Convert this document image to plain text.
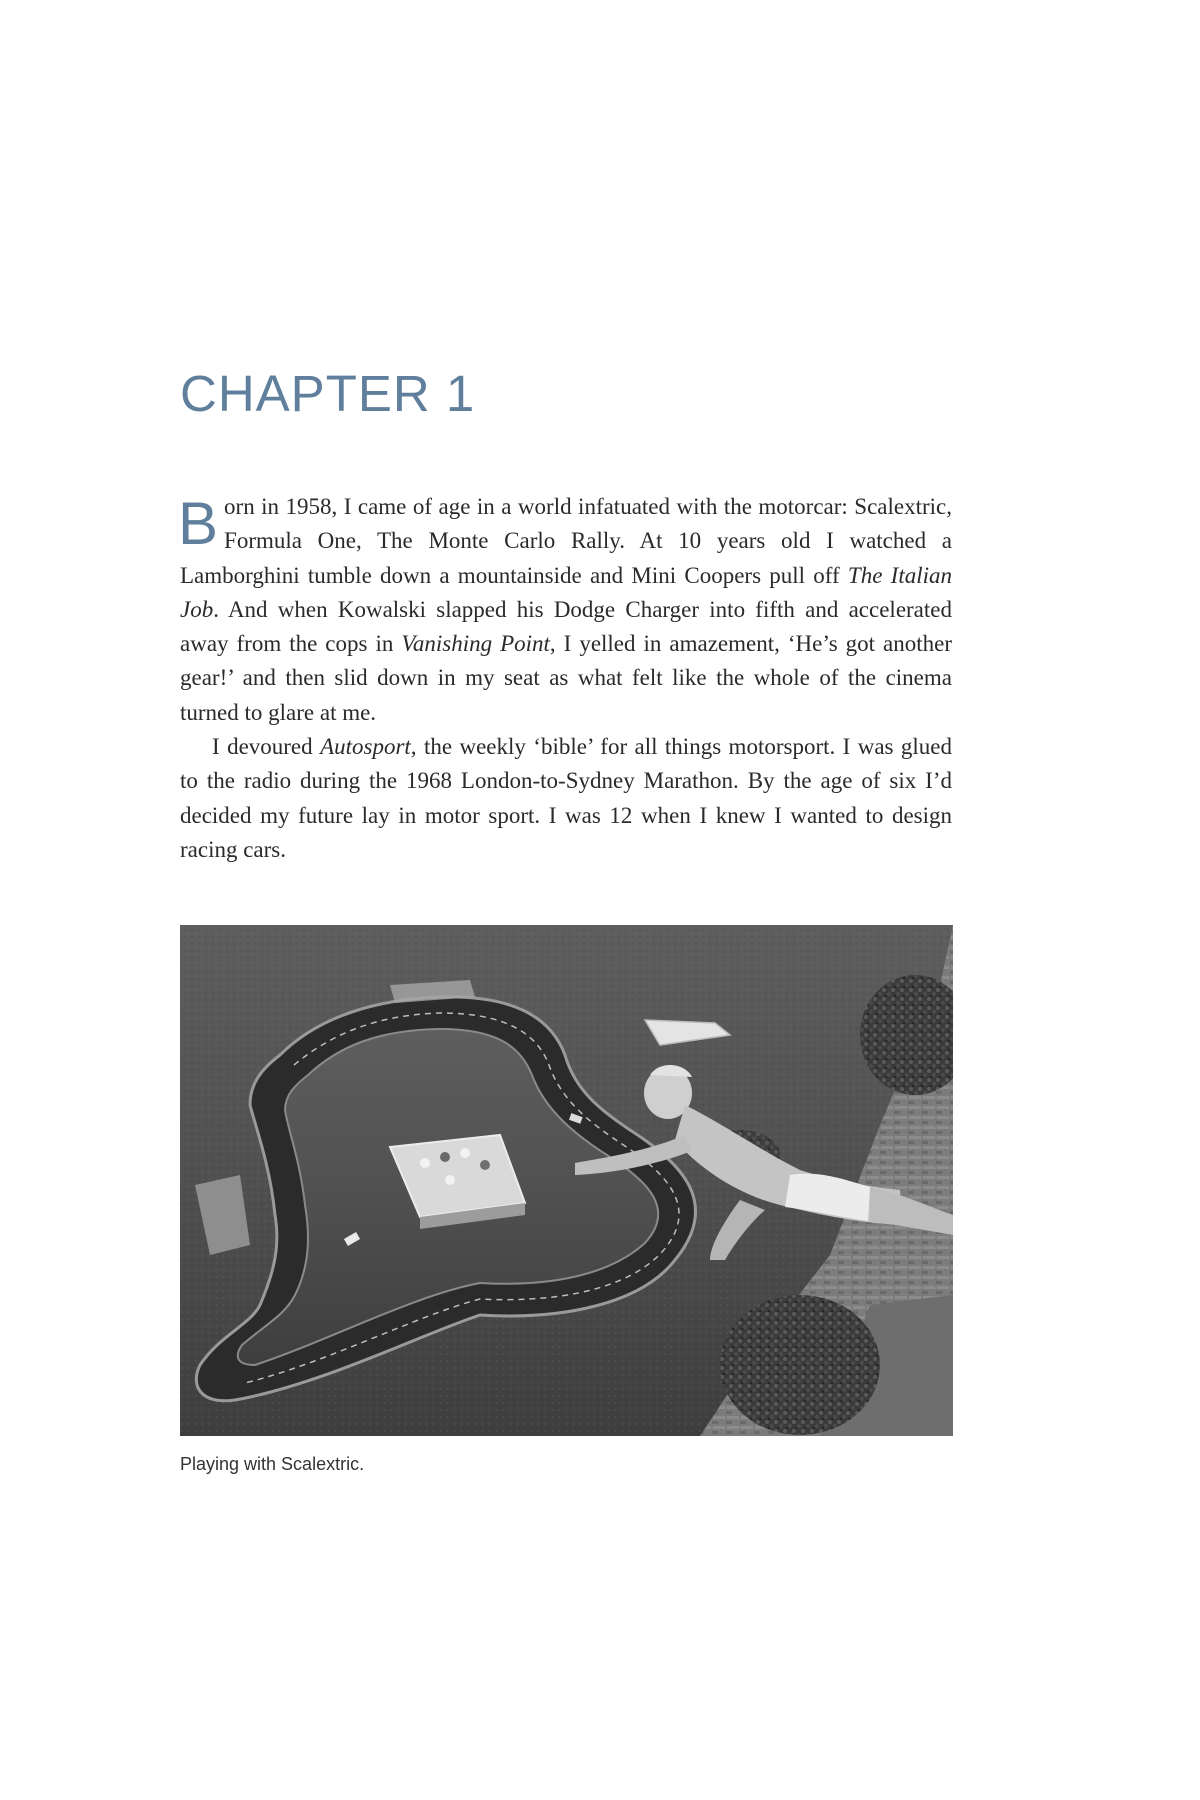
CHAPTER 1

Born in 1958, I came of age in a world infatuated with the motorcar: Scalextric, Formula One, The Monte Carlo Rally. At 10 years old I watched a Lamborghini tumble down a mountainside and Mini Coopers pull off The Italian Job. And when Kowalski slapped his Dodge Charger into fifth and accelerated away from the cops in Vanishing Point, I yelled in amazement, ‘He’s got another gear!’ and then slid down in my seat as what felt like the whole of the cinema turned to glare at me.

I devoured Autosport, the weekly ‘bible’ for all things motorsport. I was glued to the radio during the 1968 London-to-Sydney Marathon. By the age of six I’d decided my future lay in motor sport. I was 12 when I knew I wanted to design racing cars.

Playing with Scalextric.
